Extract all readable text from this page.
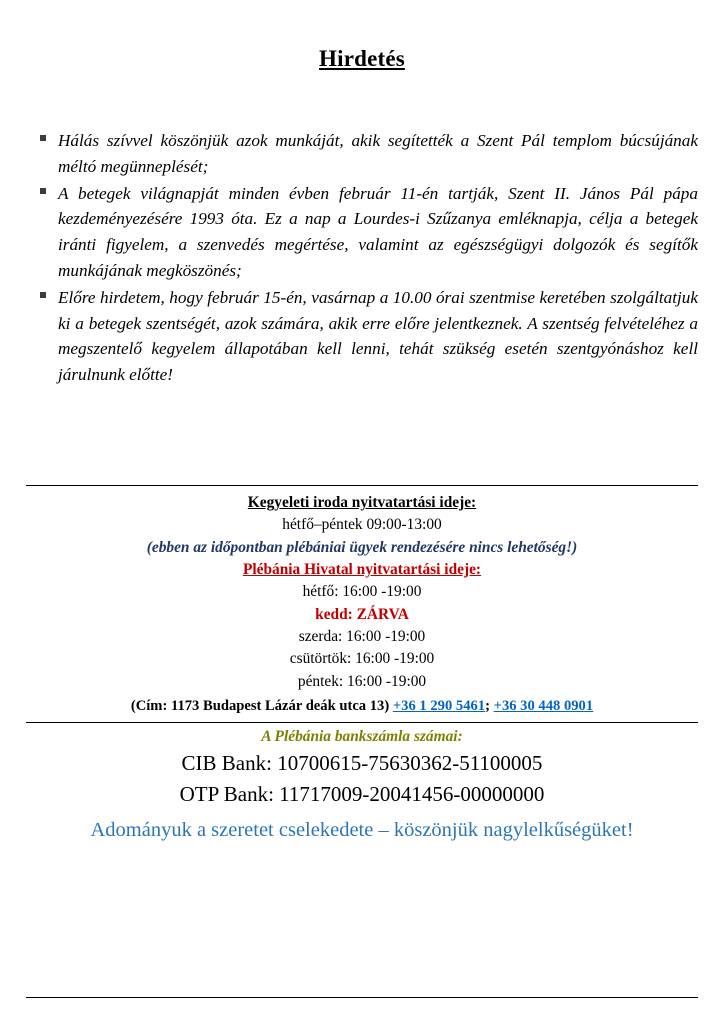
Hirdetés
Hálás szívvel köszönjük azok munkáját, akik segítették a Szent Pál templom búcsújának méltó megünneplését;
A betegek világnapját minden évben február 11-én tartják, Szent II. János Pál pápa kezdeményezésére 1993 óta. Ez a nap a Lourdes-i Szűzanya emléknapja, célja a betegek iránti figyelem, a szenvedés megértése, valamint az egészségügyi dolgozók és segítők munkájának megköszönés;
Előre hirdetem, hogy február 15-én, vasárnap a 10.00 órai szentmise keretében szolgáltatjuk ki a betegek szentségét, azok számára, akik erre előre jelentkeznek. A szentség felvételéhez a megszentelő kegyelem állapotában kell lenni, tehát szükség esetén szentgyónáshoz kell járulnunk előtte!
Kegyeleti iroda nyitvatartási ideje:
hétfő–péntek 09:00-13:00
(ebben az időpontban plébániai ügyek rendezésére nincs lehetőség!)
Plébánia Hivatal nyitvatartási ideje:
hétfő: 16:00 -19:00
kedd: ZÁRVA
szerda: 16:00 -19:00
csütörtök: 16:00 -19:00
péntek: 16:00 -19:00
(Cím: 1173 Budapest Lázár deák utca 13) +36 1 290 5461; +36 30 448 0901
A Plébánia bankszámla számai:
CIB Bank: 10700615-75630362-51100005
OTP Bank: 11717009-20041456-00000000
Adományuk a szeretet cselekedete – köszönjük nagylelkűségüket!
